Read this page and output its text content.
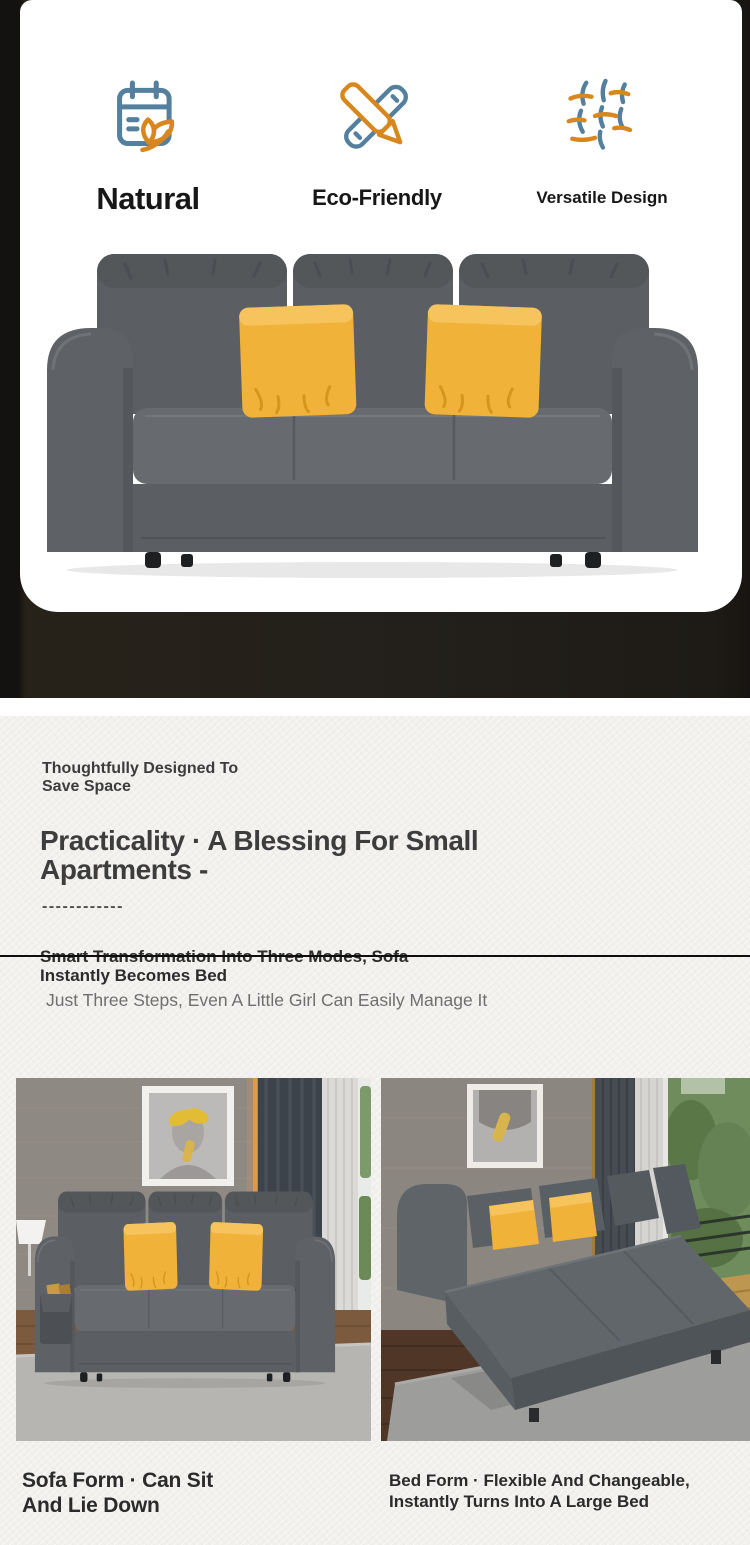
Natural	Eco-Friendly	Versatile Design

Thoughtfully Designed To
Save Space

Practicality · A Blessing For Small
Apartments -
------------
Instantly Becomes Bed

Just Three Steps, Even A Little Girl Can Easily Manage It

Sofa Form · Can Sit
And Lie Down
Bed Form · Flexible And Changeable,
Instantly Turns Into A Large Bed
